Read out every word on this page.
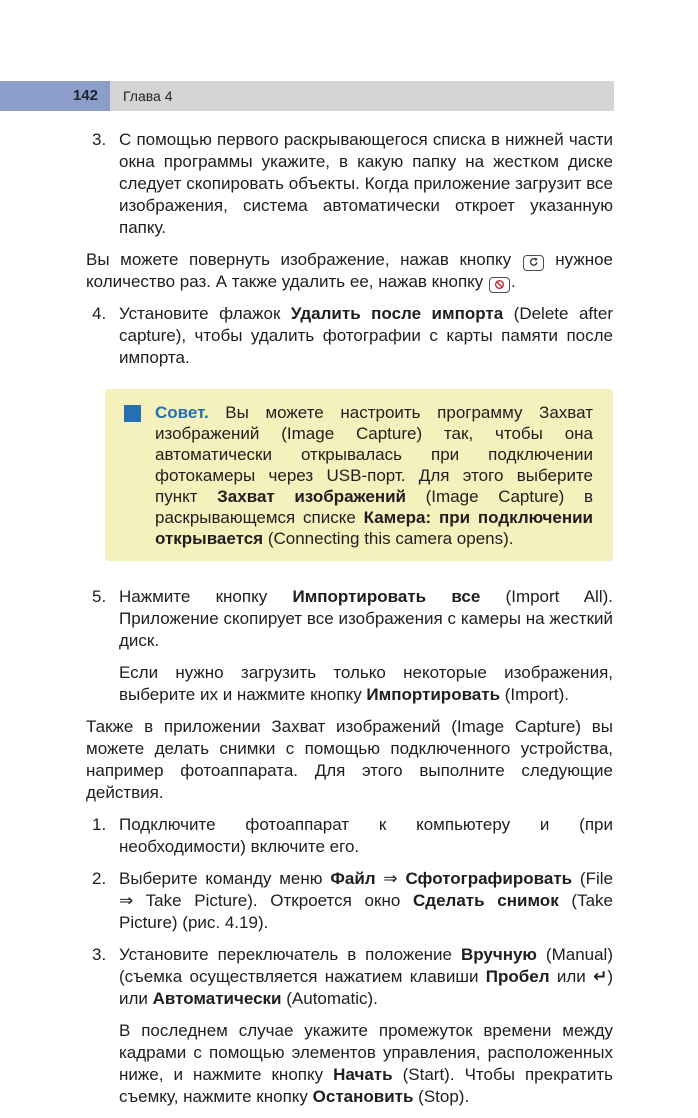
142	Глава 4
3. С помощью первого раскрывающегося списка в нижней части окна программы укажите, в какую папку на жестком диске следует скопировать объекты. Когда приложение загрузит все изображения, система автоматически откроет указанную папку.

Вы можете повернуть изображение, нажав кнопку
нужное количество раз. А также удалить ее, нажав кнопку
.

4. Установите флажок Удалить после импорта (Delete after capture), чтобы удалить фотографии с карты памяти после импорта.
Совет. Вы можете настроить программу Захват изображений (Image Capture) так, чтобы она автоматически открывалась при подключении фотокамеры через USB-порт. Для этого выберите пункт Захват изображений (Image Capture) в раскрывающемся списке Камера: при подключении открывается (Connecting this camera opens).
5. Нажмите кнопку Импортировать все (Import All). Приложение скопирует все изображения с камеры на жесткий диск.

Если нужно загрузить только некоторые изображения, выберите их и нажмите кнопку Импортировать (Import).

Также в приложении Захват изображений (Image Capture) вы можете делать снимки с помощью подключенного устройства, например фотоаппарата. Для этого выполните следующие действия.

1. Подключите фотоаппарат к компьютеру и (при необходимости) включите его.
2. Выберите команду меню Файл ⇒ Сфотографировать (File ⇒ Take Picture). Откроется окно Сделать снимок (Take Picture) (рис. 4.19).
3. Установите переключатель в положение Вручную (Manual) (съемка осуществляется нажатием клавиши Пробел или ↵) или Автоматически (Automatic).

В последнем случае укажите промежуток времени между кадрами с помощью элементов управления, расположенных ниже, и нажмите кнопку Начать (Start). Чтобы прекратить съемку, нажмите кнопку Остановить (Stop).
